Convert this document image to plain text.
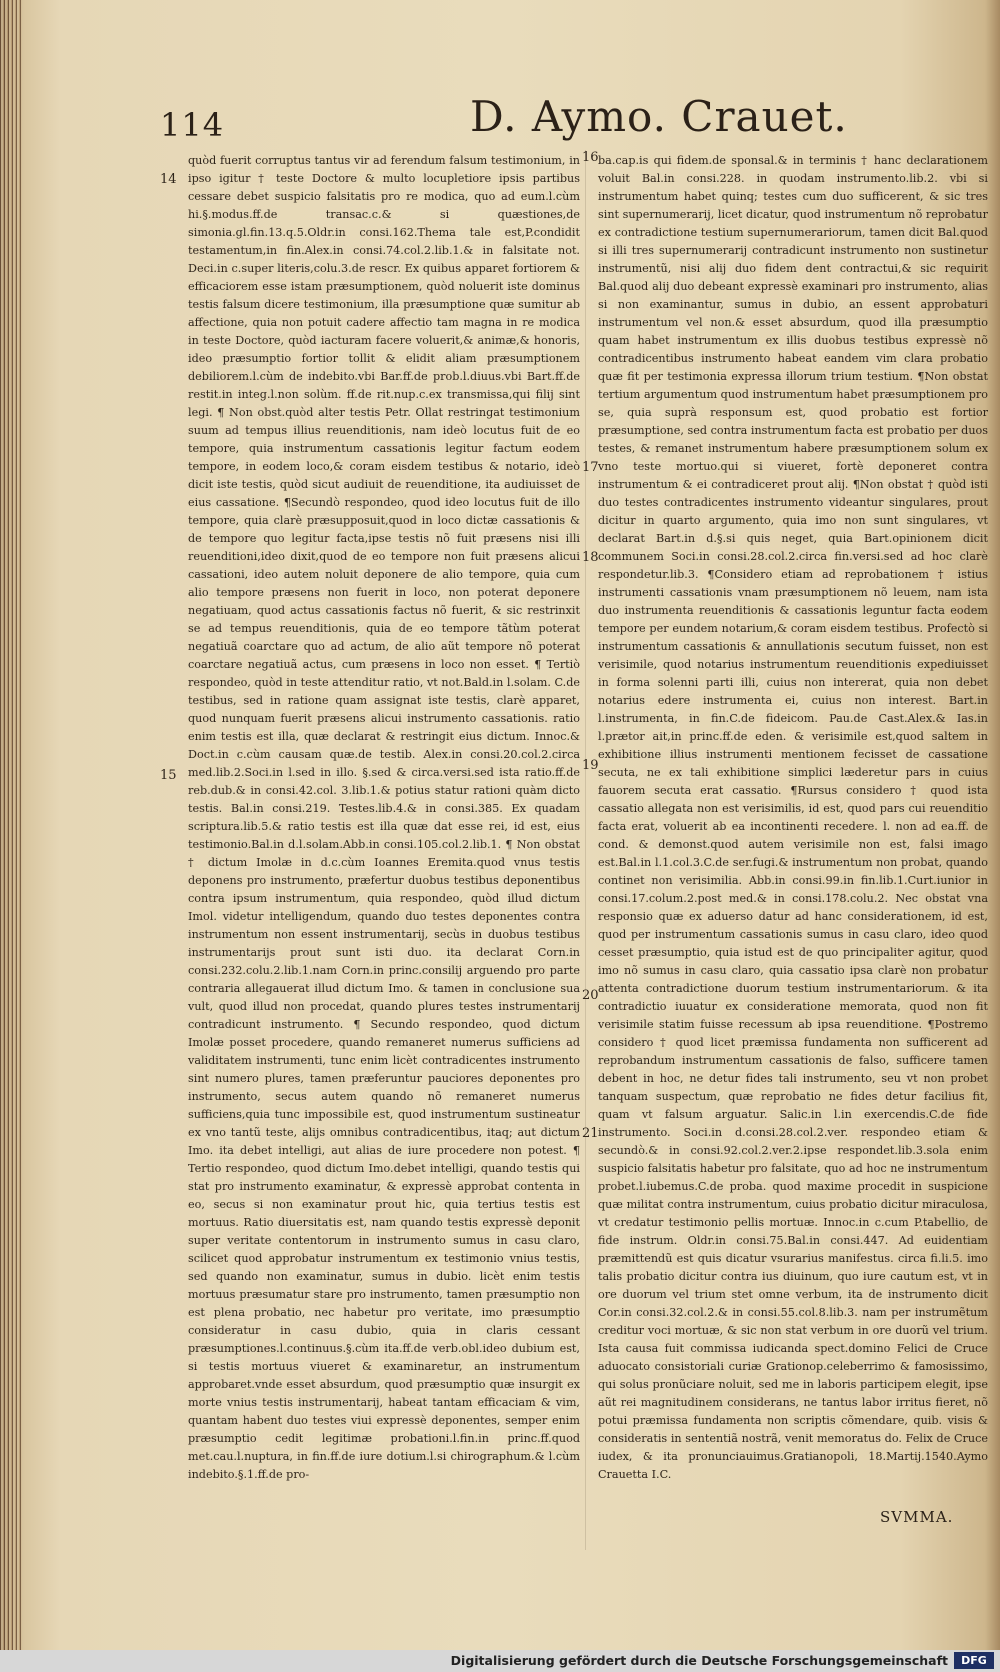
114	D. Aymo. Crauet.
14
15
16
17
18
19
20
21

quòd fuerit corruptus tantus vir ad ferendum falsum testimonium, in ipso igitur † teste Doctore & multo locupletiore ipsis partibus cessare debet suspicio falsitatis pro re modica, quo ad eum.l.cùm hi.§.modus.ff.de transac.c.& si quæstiones,de simonia.gl.fin.13.q.5.Oldr.in consi.162.Thema tale est,P.condidit testamentum,in fin.Alex.in consi.74.col.2.lib.1.& in falsitate not. Deci.in c.super literis,colu.3.de rescr. Ex quibus apparet fortiorem & efficaciorem esse istam præsumptionem, quòd noluerit iste dominus testis falsum dicere testimonium, illa præsumptione quæ sumitur ab affectione, quia non potuit cadere affectio tam magna in re modica in teste Doctore, quòd iacturam facere voluerit,& animæ,& honoris, ideo præsumptio fortior tollit & elidit aliam præsumptionem debiliorem.l.cùm de indebito.vbi Bar.ff.de prob.l.diuus.vbi Bart.ff.de restit.in integ.l.non solùm. ff.de rit.nup.c.ex transmissa,qui filij sint legi. ¶ Non obst.quòd alter testis Petr. Ollat restringat testimonium suum ad tempus illius reuenditionis, nam ideò locutus fuit de eo tempore, quia instrumentum cassationis legitur factum eodem tempore, in eodem loco,& coram eisdem testibus & notario, ideò dicit iste testis, quòd sicut audiuit de reuenditione, ita audiuisset de eius cassatione. ¶Secundò respondeo, quod ideo locutus fuit de illo tempore, quia clarè præsupposuit,quod in loco dictæ cassationis & de tempore quo legitur facta,ipse testis nõ fuit præsens nisi illi reuenditioni,ideo dixit,quod de eo tempore non fuit præsens alicui cassationi, ideo autem noluit deponere de alio tempore, quia cum alio tempore præsens non fuerit in loco, non poterat deponere negatiuam, quod actus cassationis factus nõ fuerit, & sic restrinxit se ad tempus reuenditionis, quia de eo tempore tãtùm poterat negatiuã coarctare quo ad actum, de alio aũt tempore nõ poterat coarctare negatiuã actus, cum præsens in loco non esset. ¶ Tertiò respondeo, quòd in teste attenditur ratio, vt not.Bald.in l.solam. C.de testibus, sed in ratione quam assignat iste testis, clarè apparet, quod nunquam fuerit præsens alicui instrumento cassationis. ratio enim testis est illa, quæ declarat & restringit eius dictum. Innoc.& Doct.in c.cùm causam quæ.de testib. Alex.in consi.20.col.2.circa med.lib.2.Soci.in l.sed in illo. §.sed & circa.versi.sed ista ratio.ff.de reb.dub.& in consi.42.col. 3.lib.1.& potius statur rationi quàm dicto testis. Bal.in consi.219. Testes.lib.4.& in consi.385. Ex quadam scriptura.lib.5.& ratio testis est illa quæ dat esse rei, id est, eius testimonio.Bal.in d.l.solam.Abb.in consi.105.col.2.lib.1. ¶ Non obstat † dictum Imolæ in d.c.cùm Ioannes Eremita.quod vnus testis deponens pro instrumento, præfertur duobus testibus deponentibus contra ipsum instrumentum, quia respondeo, quòd illud dictum Imol. videtur intelligendum, quando duo testes deponentes contra instrumentum non essent instrumentarij, secùs in duobus testibus instrumentarijs prout sunt isti duo. ita declarat Corn.in consi.232.colu.2.lib.1.nam Corn.in princ.consilij arguendo pro parte contraria allegauerat illud dictum Imo. & tamen in conclusione sua vult, quod illud non procedat, quando plures testes instrumentarij contradicunt instrumento. ¶ Secundo respondeo, quod dictum Imolæ posset procedere, quando remaneret numerus sufficiens ad validitatem instrumenti, tunc enim licèt contradicentes instrumento sint numero plures, tamen præferuntur pauciores deponentes pro instrumento, secus autem quando nõ remaneret numerus sufficiens,quia tunc impossibile est, quod instrumentum sustineatur ex vno tantũ teste, alijs omnibus contradicentibus, itaq; aut dictum Imo. ita debet intelligi, aut alias de iure procedere non potest. ¶ Tertio respondeo, quod dictum Imo.debet intelligi, quando testis qui stat pro instrumento examinatur, & expressè approbat contenta in eo, secus si non examinatur prout hic, quia tertius testis est mortuus. Ratio diuersitatis est, nam quando testis expressè deponit super veritate contentorum in instrumento sumus in casu claro, scilicet quod approbatur instrumentum ex testimonio vnius testis, sed quando non examinatur, sumus in dubio. licèt enim testis mortuus præsumatur stare pro instrumento, tamen præsumptio non est plena probatio, nec habetur pro veritate, imo præsumptio consideratur in casu dubio, quia in claris cessant præsumptiones.l.continuus.§.cùm ita.ff.de verb.obl.ideo dubium est, si testis mortuus viueret & examinaretur, an instrumentum approbaret.vnde esset absurdum, quod præsumptio quæ insurgit ex morte vnius testis instrumentarij, habeat tantam efficaciam & vim, quantam habent duo testes viui expressè deponentes, semper enim præsumptio cedit legitimæ probationi.l.fin.in princ.ff.quod met.cau.l.nuptura, in fin.ff.de iure dotium.l.si chirographum.& l.cùm indebito.§.1.ff.de pro-

ba.cap.is qui fidem.de sponsal.& in terminis † hanc declarationem voluit Bal.in consi.228. in quodam instrumento.lib.2. vbi si instrumentum habet quinq; testes cum duo sufficerent, & sic tres sint supernumerarij, licet dicatur, quod instrumentum nõ reprobatur ex contradictione testium supernumerariorum, tamen dicit Bal.quod si illi tres supernumerarij contradicunt instrumento non sustinetur instrumentũ, nisi alij duo fidem dent contractui,& sic requirit Bal.quod alij duo debeant expressè examinari pro instrumento, alias si non examinantur, sumus in dubio, an essent approbaturi instrumentum vel non.& esset absurdum, quod illa præsumptio quam habet instrumentum ex illis duobus testibus expressè nõ contradicentibus instrumento habeat eandem vim clara probatio quæ fit per testimonia expressa illorum trium testium. ¶Non obstat tertium argumentum quod instrumentum habet præsumptionem pro se, quia suprà responsum est, quod probatio est fortior præsumptione, sed contra instrumentum facta est probatio per duos testes, & remanet instrumentum habere præsumptionem solum ex vno teste mortuo.qui si viueret, fortè deponeret contra instrumentum & ei contradiceret prout alij. ¶Non obstat † quòd isti duo testes contradicentes instrumento videantur singulares, prout dicitur in quarto argumento, quia imo non sunt singulares, vt declarat Bart.in d.§.si quis neget, quia Bart.opinionem dicit communem Soci.in consi.28.col.2.circa fin.versi.sed ad hoc clarè respondetur.lib.3. ¶Considero etiam ad reprobationem † istius instrumenti cassationis vnam præsumptionem nõ leuem, nam ista duo instrumenta reuenditionis & cassationis leguntur facta eodem tempore per eundem notarium,& coram eisdem testibus. Profectò si instrumentum cassationis & annullationis secutum fuisset, non est verisimile, quod notarius instrumentum reuenditionis expediuisset in forma solenni parti illi, cuius non intererat, quia non debet notarius edere instrumenta ei, cuius non interest. Bart.in l.instrumenta, in fin.C.de fideicom. Pau.de Cast.Alex.& Ias.in l.prætor ait,in princ.ff.de eden. & verisimile est,quod saltem in exhibitione illius instrumenti mentionem fecisset de cassatione secuta, ne ex tali exhibitione simplici læderetur pars in cuius fauorem secuta erat cassatio. ¶Rursus considero † quod ista cassatio allegata non est verisimilis, id est, quod pars cui reuenditio facta erat, voluerit ab ea incontinenti recedere. l. non ad ea.ff. de cond. & demonst.quod autem verisimile non est, falsi imago est.Bal.in l.1.col.3.C.de ser.fugi.& instrumentum non probat, quando continet non verisimilia. Abb.in consi.99.in fin.lib.1.Curt.iunior in consi.17.colum.2.post med.& in consi.178.colu.2. Nec obstat vna responsio quæ ex aduerso datur ad hanc considerationem, id est, quod per instrumentum cassationis sumus in casu claro, ideo quod cesset præsumptio, quia istud est de quo principaliter agitur, quod imo nõ sumus in casu claro, quia cassatio ipsa clarè non probatur attenta contradictione duorum testium instrumentariorum. & ita contradictio iuuatur ex consideratione memorata, quod non fit verisimile statim fuisse recessum ab ipsa reuenditione. ¶Postremo considero † quod licet præmissa fundamenta non sufficerent ad reprobandum instrumentum cassationis de falso, sufficere tamen debent in hoc, ne detur fides tali instrumento, seu vt non probet tanquam suspectum, quæ reprobatio ne fides detur facilius fit, quam vt falsum arguatur. Salic.in l.in exercendis.C.de fide instrumento. Soci.in d.consi.28.col.2.ver. respondeo etiam & secundò.& in consi.92.col.2.ver.2.ipse respondet.lib.3.sola enim suspicio falsitatis habetur pro falsitate, quo ad hoc ne instrumentum probet.l.iubemus.C.de proba. quod maxime procedit in suspicione quæ militat contra instrumentum, cuius probatio dicitur miraculosa, vt credatur testimonio pellis mortuæ. Innoc.in c.cum P.tabellio, de fide instrum. Oldr.in consi.75.Bal.in consi.447. Ad euidentiam præmittendũ est quis dicatur vsurarius manifestus. circa fi.li.5. imo talis probatio dicitur contra ius diuinum, quo iure cautum est, vt in ore duorum vel trium stet omne verbum, ita de instrumento dicit Cor.in consi.32.col.2.& in consi.55.col.8.lib.3. nam per instrumẽtum creditur voci mortuæ, & sic non stat verbum in ore duorũ vel trium. Ista causa fuit commissa iudicanda spect.domino Felici de Cruce aduocato consistoriali curiæ Grationop.celeberrimo & famosissimo, qui solus pronũciare noluit, sed me in laboris participem elegit, ipse aũt rei magnitudinem considerans, ne tantus labor irritus fieret, nõ potui præmissa fundamenta non scriptis cõmendare, quib. visis & consideratis in sententiã nostrã, venit memoratus do. Felix de Cruce iudex, & ita pronunciauimus.Gratianopoli, 18.Martij.1540.Aymo Crauetta I.C.

SVMMA.
Digitalisierung gefördert durch die Deutsche Forschungsgemeinschaft	DFG
